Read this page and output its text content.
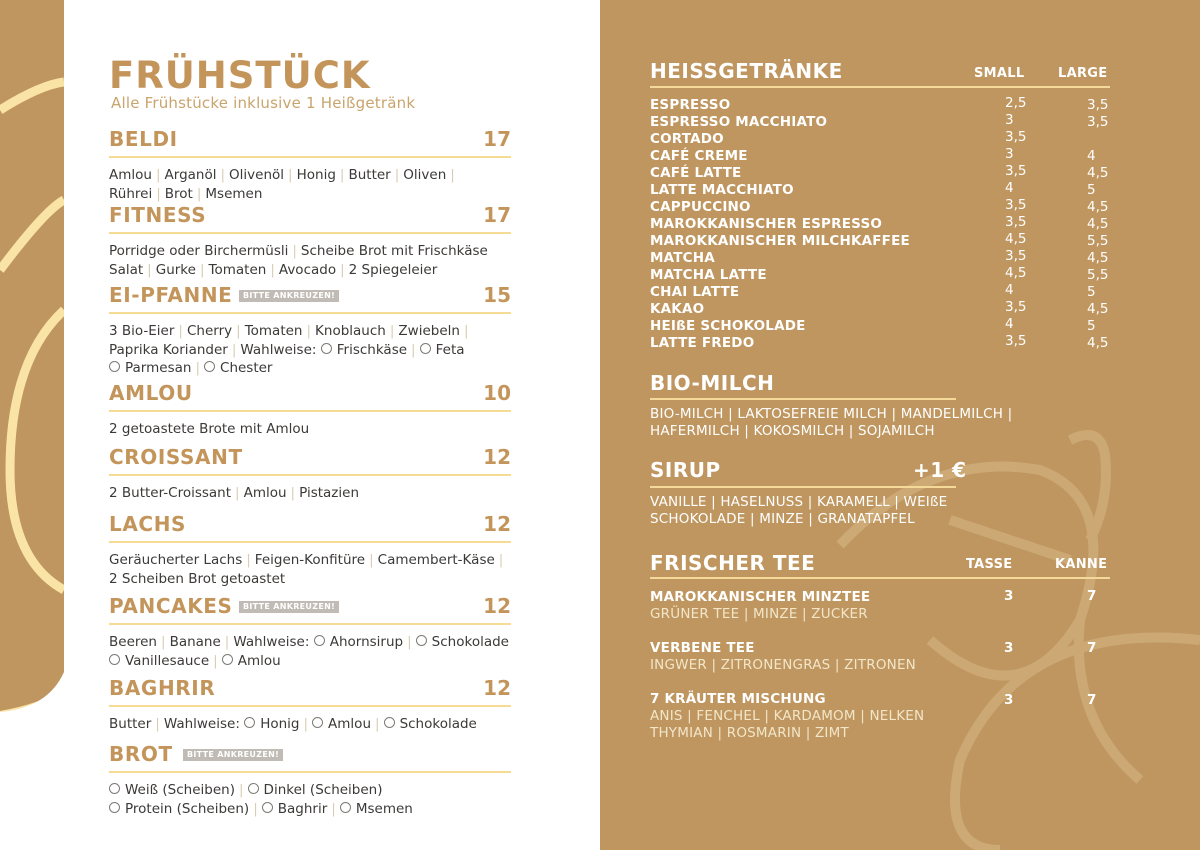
FRÜHSTÜCK
Alle Frühstücke inklusive 1 Heißgetränk
BELDI	17
Amlou | Arganöl | Olivenöl | Honig | Butter | Oliven |
Rührei | Brot | Msemen
FITNESS	17
Porridge oder Birchermüsli | Scheibe Brot mit Frischkäse
Salat | Gurke | Tomaten | Avocado | 2 Spiegeleier
EI-PFANNE	BITTE ANKREUZEN!	15
3 Bio-Eier | Cherry | Tomaten | Knoblauch | Zwiebeln |
Paprika Koriander | Wahlweise: Frischkäse | Feta
Parmesan | Chester
AMLOU	10
2 getoastete Brote mit Amlou
CROISSANT	12
2 Butter-Croissant | Amlou | Pistazien
LACHS	12
Geräucherter Lachs | Feigen-Konfitüre | Camembert-Käse |
2 Scheiben Brot getoastet
PANCAKES	BITTE ANKREUZEN!	12
Beeren | Banane | Wahlweise: Ahornsirup | Schokolade
Vanillesauce | Amlou
BAGHRIR	12
Butter | Wahlweise: Honig | Amlou | Schokolade
BROT	BITTE ANKREUZEN!
Weiß (Scheiben) | Dinkel (Scheiben)
Protein (Scheiben) | Baghrir | Msemen
HEISSGETRÄNKE	SMALL	LARGE
ESPRESSO	2,5	3,5
ESPRESSO MACCHIATO	3	3,5
CORTADO	3,5
CAFÉ CREME	3	4
CAFÉ LATTE	3,5	4,5
LATTE MACCHIATO	4	5
CAPPUCCINO	3,5	4,5
MAROKKANISCHER ESPRESSO	3,5	4,5
MAROKKANISCHER MILCHKAFFEE	4,5	5,5
MATCHA	3,5	4,5
MATCHA LATTE	4,5	5,5
CHAI LATTE	4	5
KAKAO	3,5	4,5
HEIßE SCHOKOLADE	4	5
LATTE FREDO	3,5	4,5
BIO-MILCH
BIO-MILCH | LAKTOSEFREIE MILCH | MANDELMILCH |
HAFERMILCH | KOKOSMILCH | SOJAMILCH
SIRUP	+1 €
VANILLE | HASELNUSS | KARAMELL | WEIßE
SCHOKOLADE | MINZE | GRANATAPFEL
FRISCHER TEE	TASSE	KANNE
MAROKKANISCHER MINZTEE	3	7
GRÜNER TEE | MINZE | ZUCKER
VERBENE TEE	3	7
INGWER | ZITRONENGRAS | ZITRONEN
7 KRÄUTER MISCHUNG	3	7
ANIS | FENCHEL | KARDAMOM | NELKEN THYMIAN | ROSMARIN | ZIMT
